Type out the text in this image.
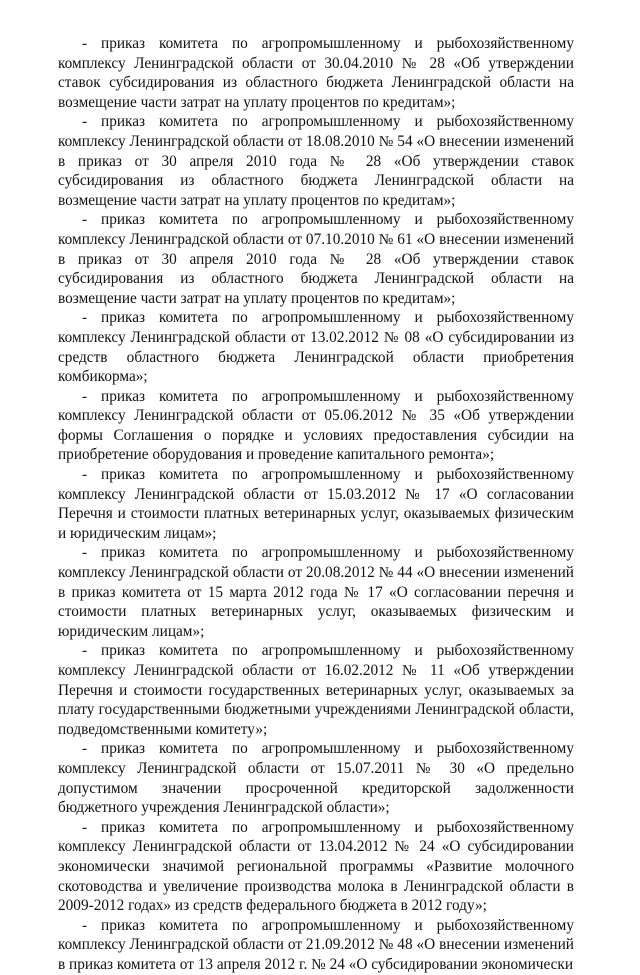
- приказ комитета по агропромышленному и рыбохозяйственному комплексу Ленинградской области от 30.04.2010 № 28 «Об утверждении ставок субсидирования из областного бюджета Ленинградской области на возмещение части затрат на уплату процентов по кредитам»;

- приказ комитета по агропромышленному и рыбохозяйственному комплексу Ленинградской области от 18.08.2010 № 54 «О внесении изменений в приказ от 30 апреля 2010 года № 28 «Об утверждении ставок субсидирования из областного бюджета Ленинградской области на возмещение части затрат на уплату процентов по кредитам»;

- приказ комитета по агропромышленному и рыбохозяйственному комплексу Ленинградской области от 07.10.2010 № 61 «О внесении изменений в приказ от 30 апреля 2010 года № 28 «Об утверждении ставок субсидирования из областного бюджета Ленинградской области на возмещение части затрат на уплату процентов по кредитам»;

- приказ комитета по агропромышленному и рыбохозяйственному комплексу Ленинградской области от 13.02.2012 № 08 «О субсидировании из средств областного бюджета Ленинградской области приобретения комбикорма»;

- приказ комитета по агропромышленному и рыбохозяйственному комплексу Ленинградской области от 05.06.2012 № 35 «Об утверждении формы Соглашения о порядке и условиях предоставления субсидии на приобретение оборудования и проведение капитального ремонта»;

- приказ комитета по агропромышленному и рыбохозяйственному комплексу Ленинградской области от 15.03.2012 № 17 «О согласовании Перечня и стоимости платных ветеринарных услуг, оказываемых физическим и юридическим лицам»;

- приказ комитета по агропромышленному и рыбохозяйственному комплексу Ленинградской области от 20.08.2012 № 44 «О внесении изменений в приказ комитета от 15 марта 2012 года № 17 «О согласовании перечня и стоимости платных ветеринарных услуг, оказываемых физическим и юридическим лицам»;

- приказ комитета по агропромышленному и рыбохозяйственному комплексу Ленинградской области от 16.02.2012 № 11 «Об утверждении Перечня и стоимости государственных ветеринарных услуг, оказываемых за плату государственными бюджетными учреждениями Ленинградской области, подведомственными комитету»;

- приказ комитета по агропромышленному и рыбохозяйственному комплексу Ленинградской области от 15.07.2011 № 30 «О предельно допустимом значении просроченной кредиторской задолженности бюджетного учреждения Ленинградской области»;

- приказ комитета по агропромышленному и рыбохозяйственному комплексу Ленинградской области от 13.04.2012 № 24 «О субсидировании экономически значимой региональной программы «Развитие молочного скотоводства и увеличение производства молока в Ленинградской области в 2009-2012 годах» из средств федерального бюджета в 2012 году»;

- приказ комитета по агропромышленному и рыбохозяйственному комплексу Ленинградской области от 21.09.2012 № 48 «О внесении изменений в приказ комитета от 13 апреля 2012 г. № 24 «О субсидировании экономически
